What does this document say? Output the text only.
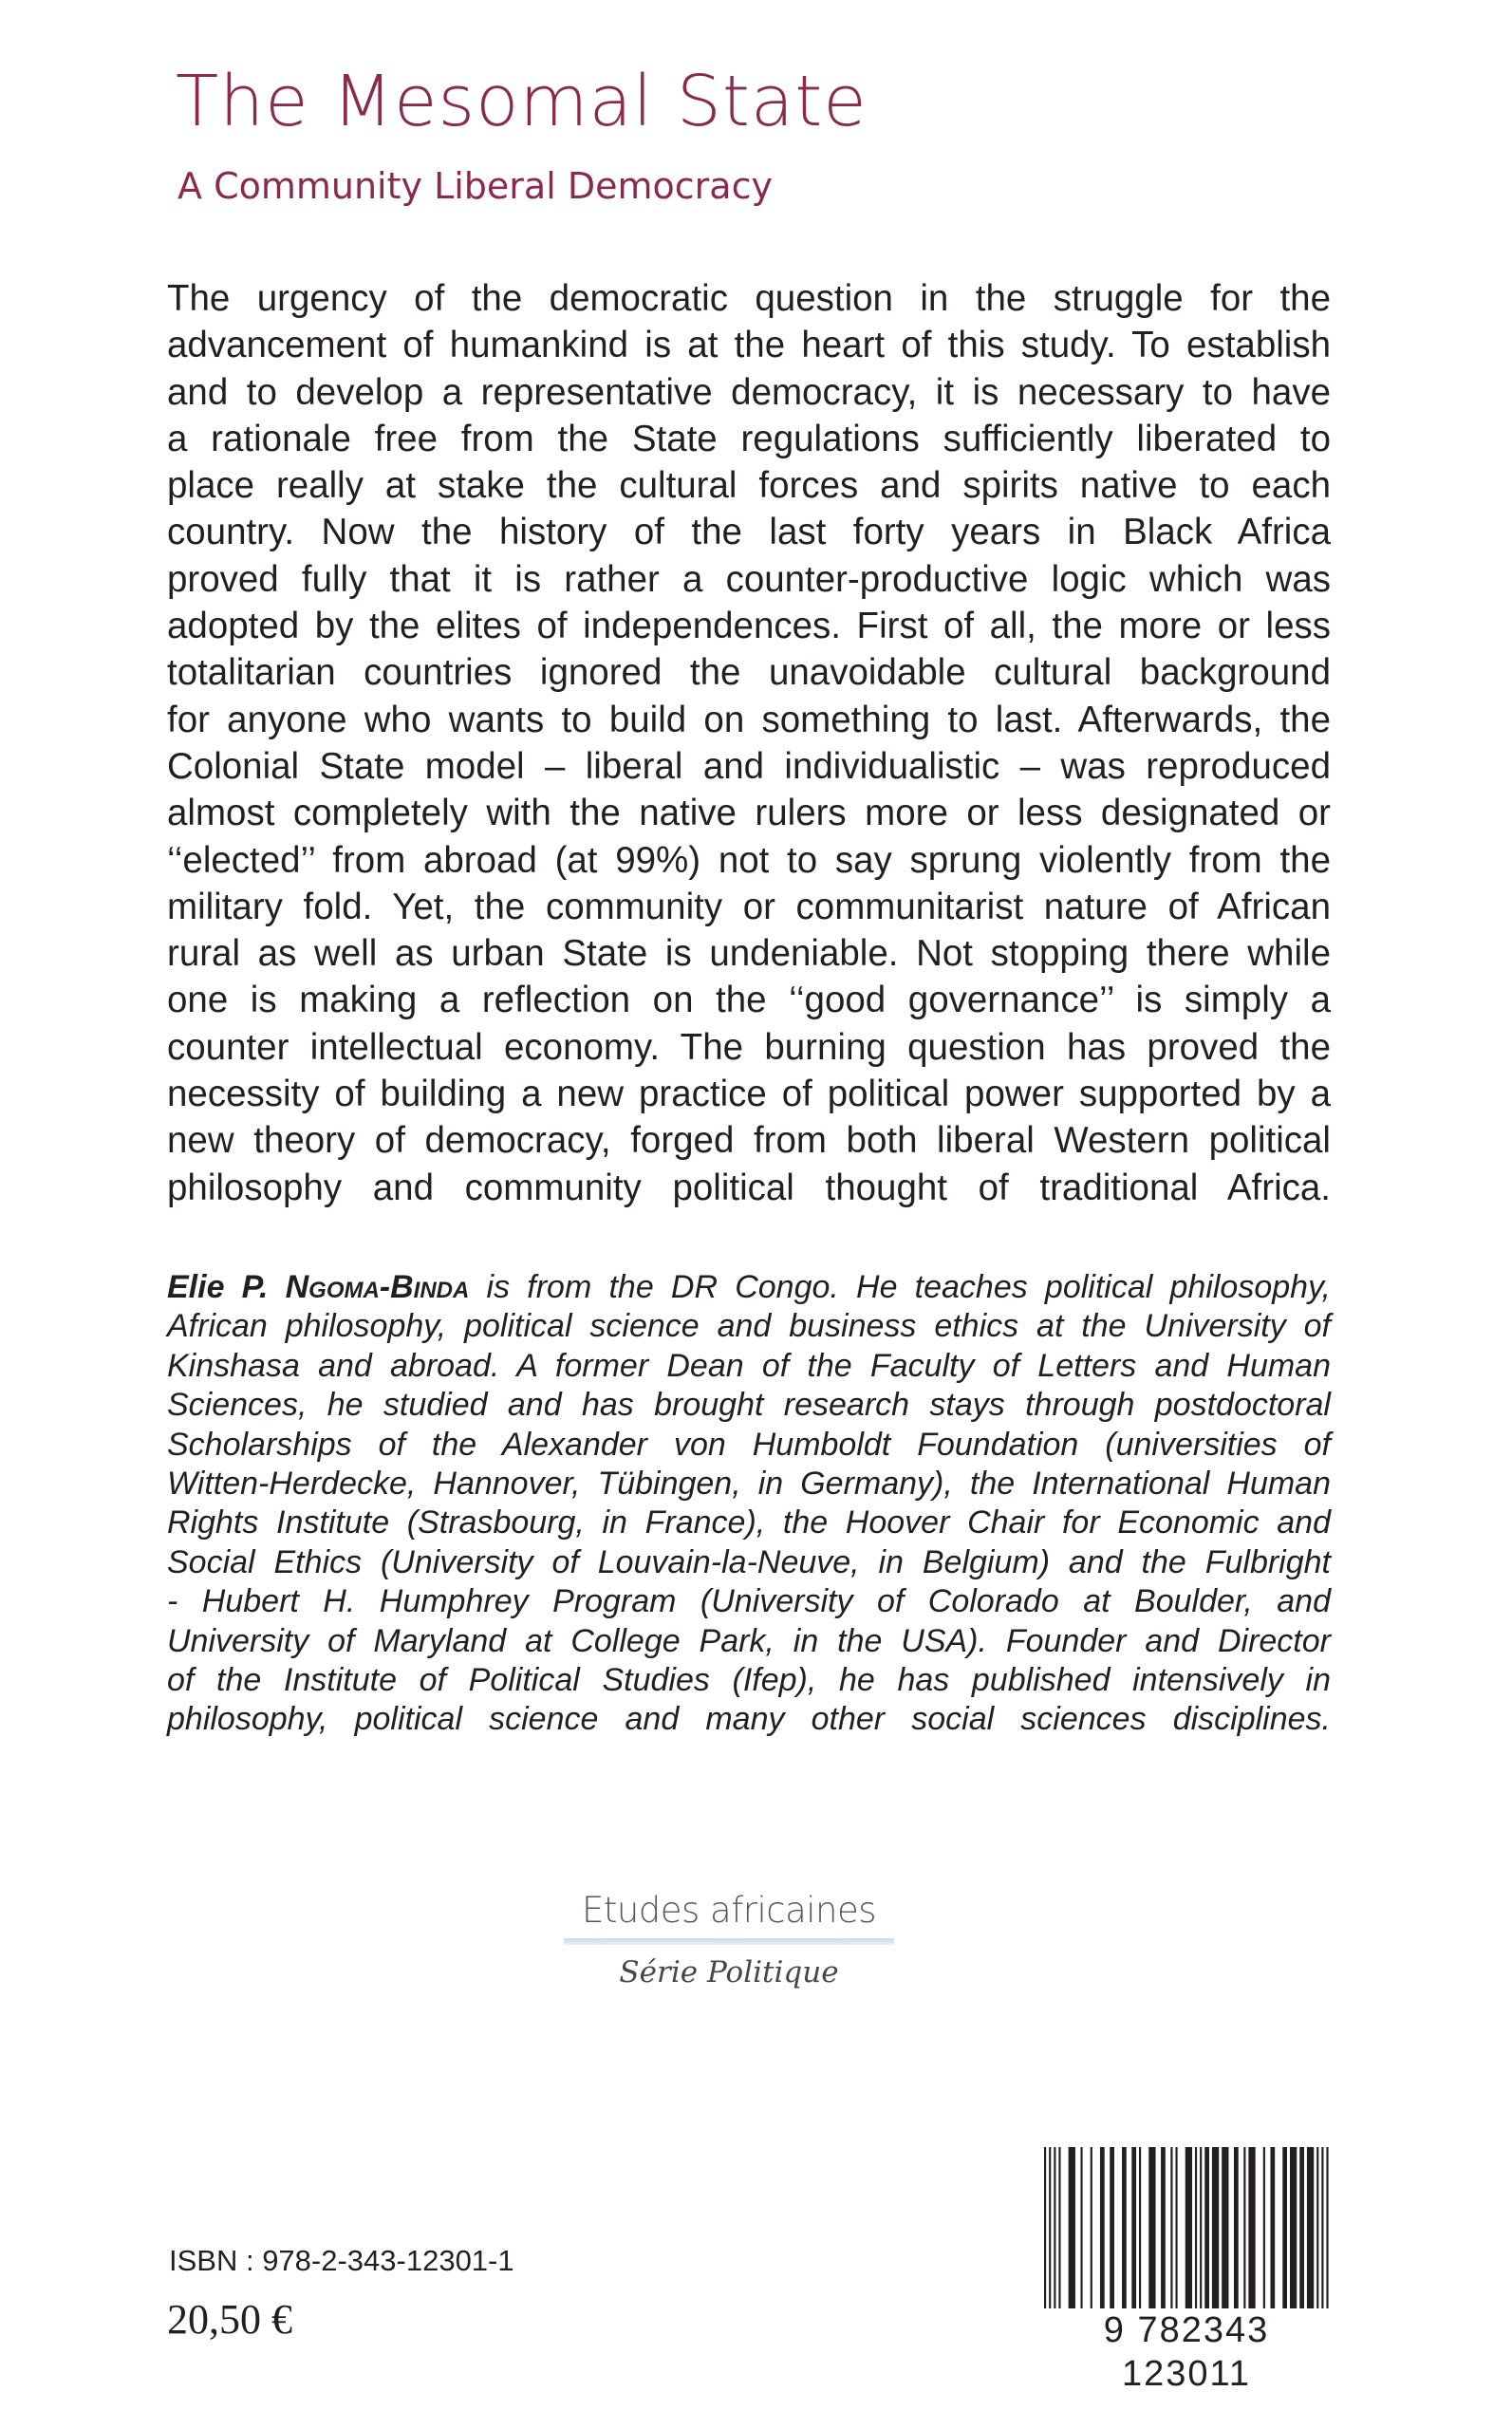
The Mesomal State
A Community Liberal Democracy
The urgency of the democratic question in the struggle for the
advancement of humankind is at the heart of this study. To establish
and to develop a representative democracy, it is necessary to have
a rationale free from the State regulations sufficiently liberated to
place really at stake the cultural forces and spirits native to each
country. Now the history of the last forty years in Black Africa
proved fully that it is rather a counter-productive logic which was
adopted by the elites of independences. First of all, the more or less
totalitarian countries ignored the unavoidable cultural background
for anyone who wants to build on something to last. Afterwards, the
Colonial State model – liberal and individualistic – was reproduced
almost completely with the native rulers more or less designated or
‘‘elected’’ from abroad (at 99%) not to say sprung violently from the
military fold. Yet, the community or communitarist nature of African
rural as well as urban State is undeniable. Not stopping there while
one is making a reflection on the ‘‘good governance’’ is simply a
counter intellectual economy. The burning question has proved the
necessity of building a new practice of political power supported by a
new theory of democracy, forged from both liberal Western political
philosophy and community political thought of traditional Africa.
Elie P. Ngoma-Binda is from the DR Congo. He teaches political philosophy,
African philosophy, political science and business ethics at the University of
Kinshasa and abroad. A former Dean of the Faculty of Letters and Human
Sciences, he studied and has brought research stays through postdoctoral
Scholarships of the Alexander von Humboldt Foundation (universities of
Witten-Herdecke, Hannover, Tübingen, in Germany), the International Human
Rights Institute (Strasbourg, in France), the Hoover Chair for Economic and
Social Ethics (University of Louvain-la-Neuve, in Belgium) and the Fulbright
- Hubert H. Humphrey Program (University of Colorado at Boulder, and
University of Maryland at College Park, in the USA). Founder and Director
of the Institute of Political Studies (Ifep), he has published intensively in
philosophy, political science and many other social sciences disciplines.
Etudes africaines
Série Politique
ISBN : 978-2-343-12301-1
20,50 €	9 782343 123011
